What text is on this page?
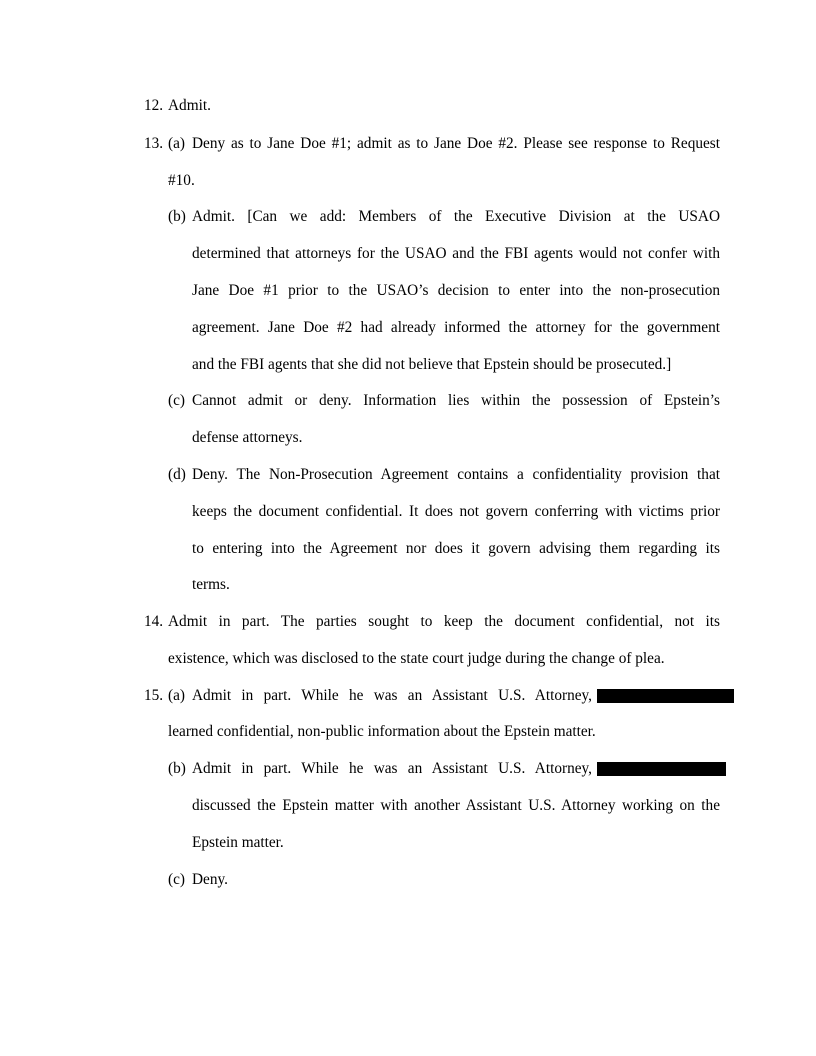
12. Admit.
13. (a) Deny as to Jane Doe #1; admit as to Jane Doe #2. Please see response to Request
#10.
(b) Admit. [Can we add: Members of the Executive Division at the USAO
determined that attorneys for the USAO and the FBI agents would not confer with
Jane Doe #1 prior to the USAO’s decision to enter into the non-prosecution
agreement. Jane Doe #2 had already informed the attorney for the government
and the FBI agents that she did not believe that Epstein should be prosecuted.]
(c) Cannot admit or deny. Information lies within the possession of Epstein’s
defense attorneys.
(d) Deny. The Non-Prosecution Agreement contains a confidentiality provision that
keeps the document confidential. It does not govern conferring with victims prior
to entering into the Agreement nor does it govern advising them regarding its
terms.
14. Admit in part. The parties sought to keep the document confidential, not its
existence, which was disclosed to the state court judge during the change of plea.
15. (a) Admit in part. While he was an Assistant U.S. Attorney,
learned confidential, non-public information about the Epstein matter.
(b) Admit in part. While he was an Assistant U.S. Attorney,
discussed the Epstein matter with another Assistant U.S. Attorney working on the
Epstein matter.
(c) Deny.
